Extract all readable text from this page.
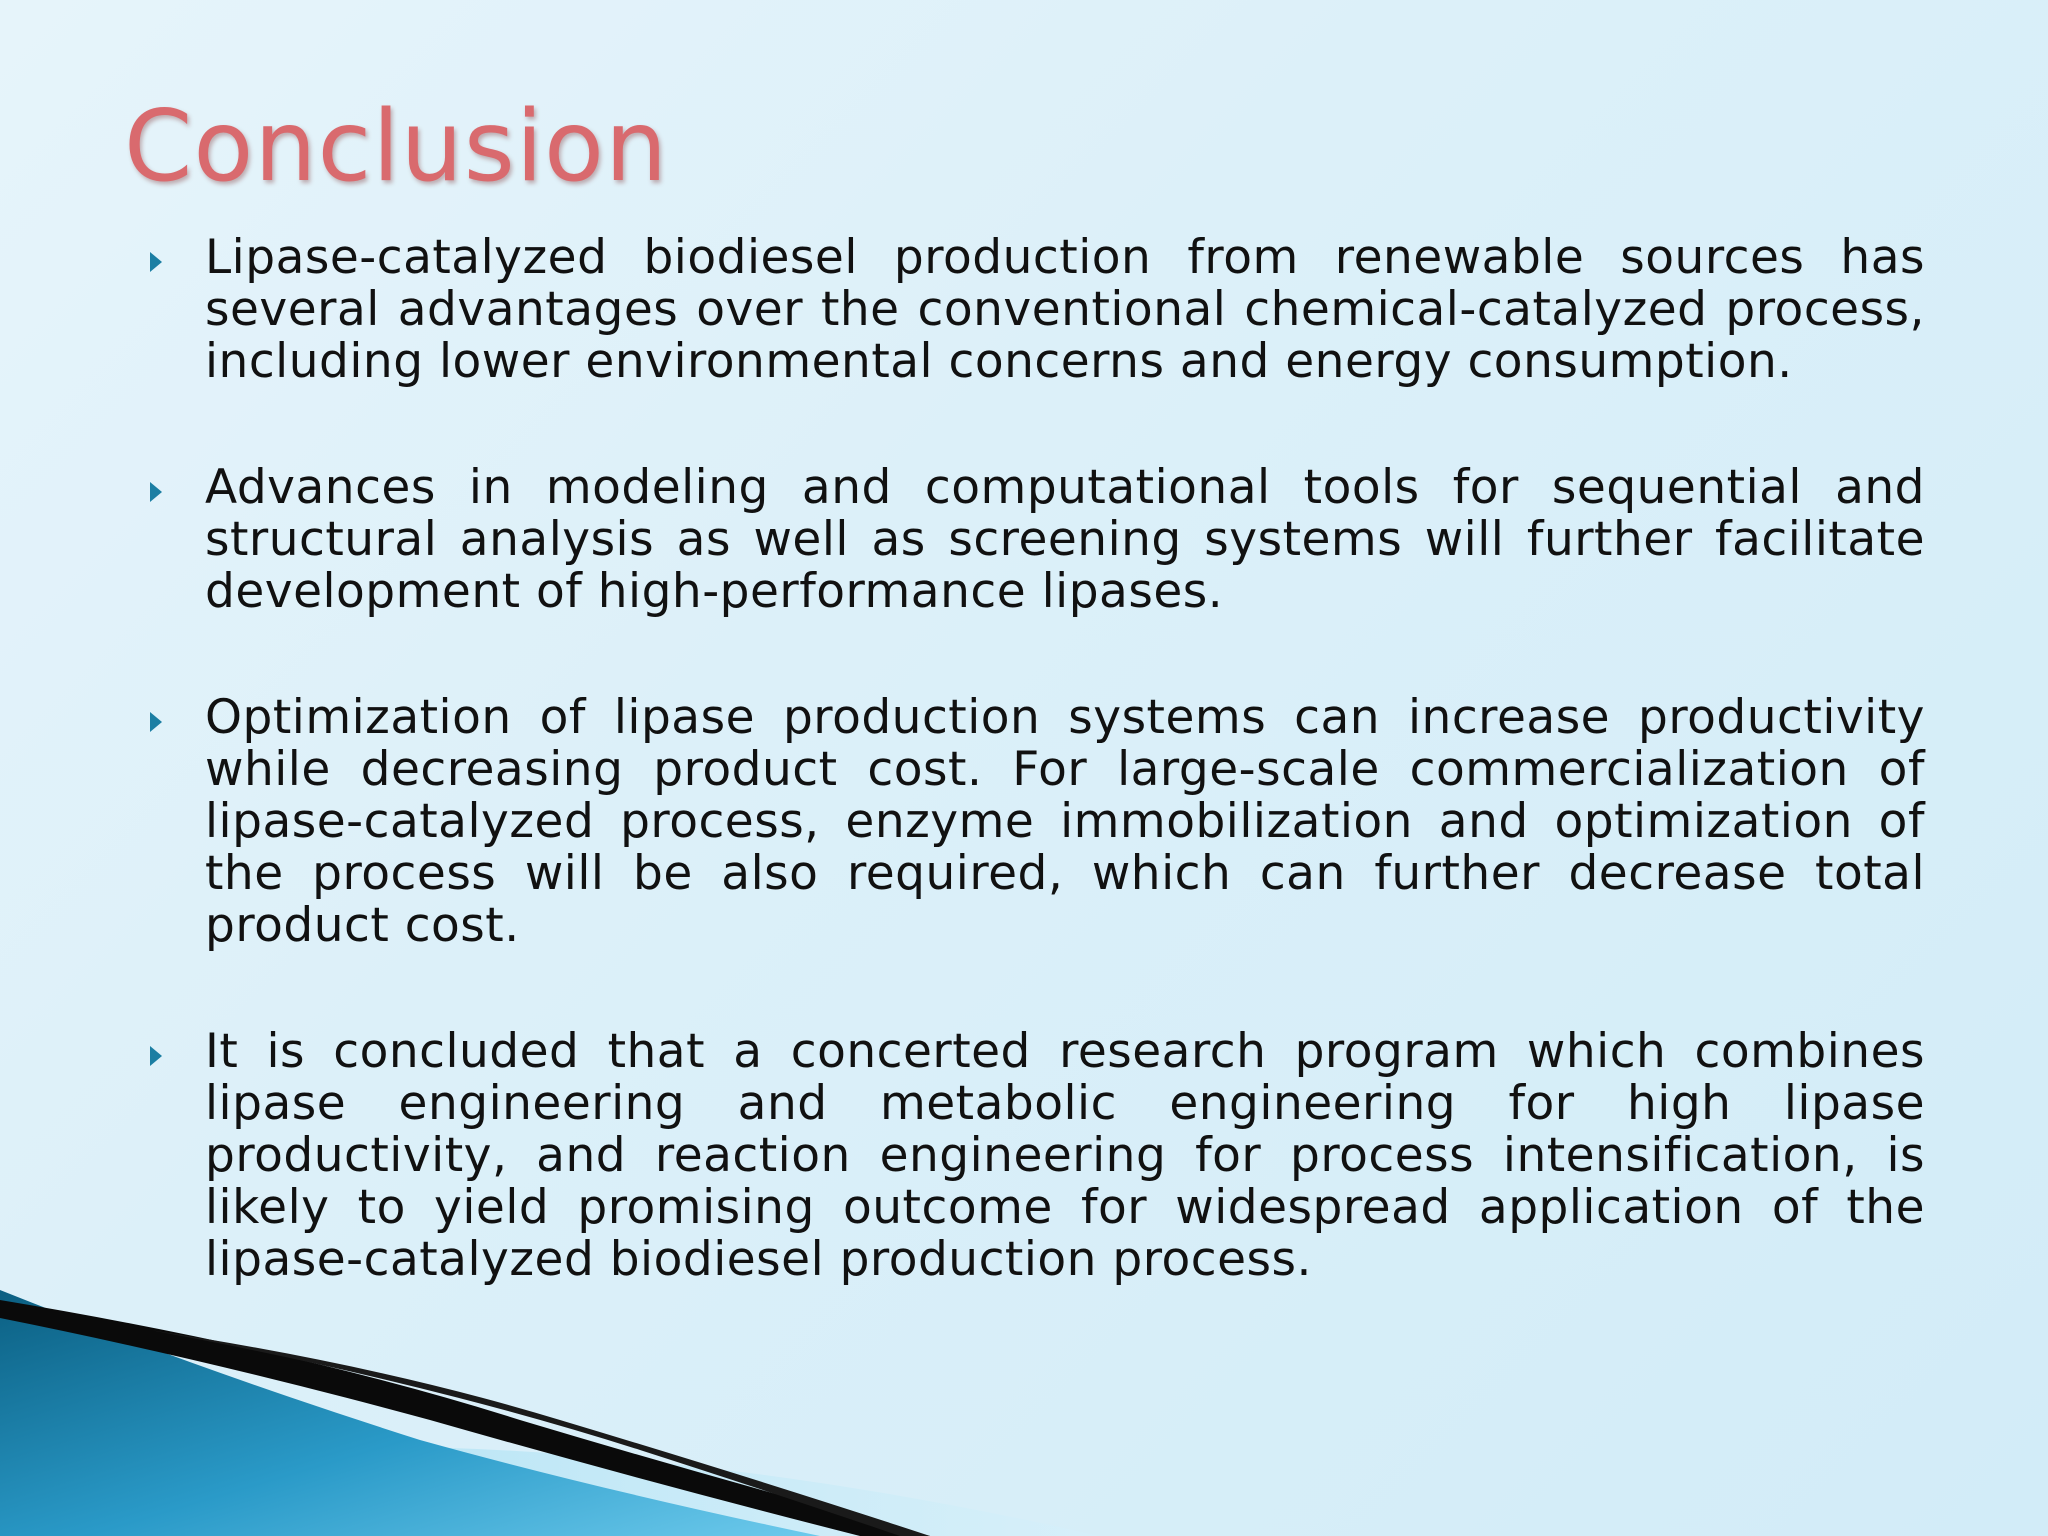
Conclusion
Lipase-catalyzed biodiesel production from renewable sources has several advantages over the conventional chemical-catalyzed process, including lower environmental concerns and energy consumption.
Advances in modeling and computational tools for sequential and structural analysis as well as screening systems will further facilitate development of high-performance lipases.
Optimization of lipase production systems can increase productivity while decreasing product cost. For large-scale commercialization of lipase-catalyzed process, enzyme immobilization and optimization of the process will be also required, which can further decrease total product cost.
It is concluded that a concerted research program which combines lipase engineering and metabolic engineering for high lipase productivity, and reaction engineering for process intensification, is likely to yield promising outcome for widespread application of the lipase-catalyzed biodiesel production process.
